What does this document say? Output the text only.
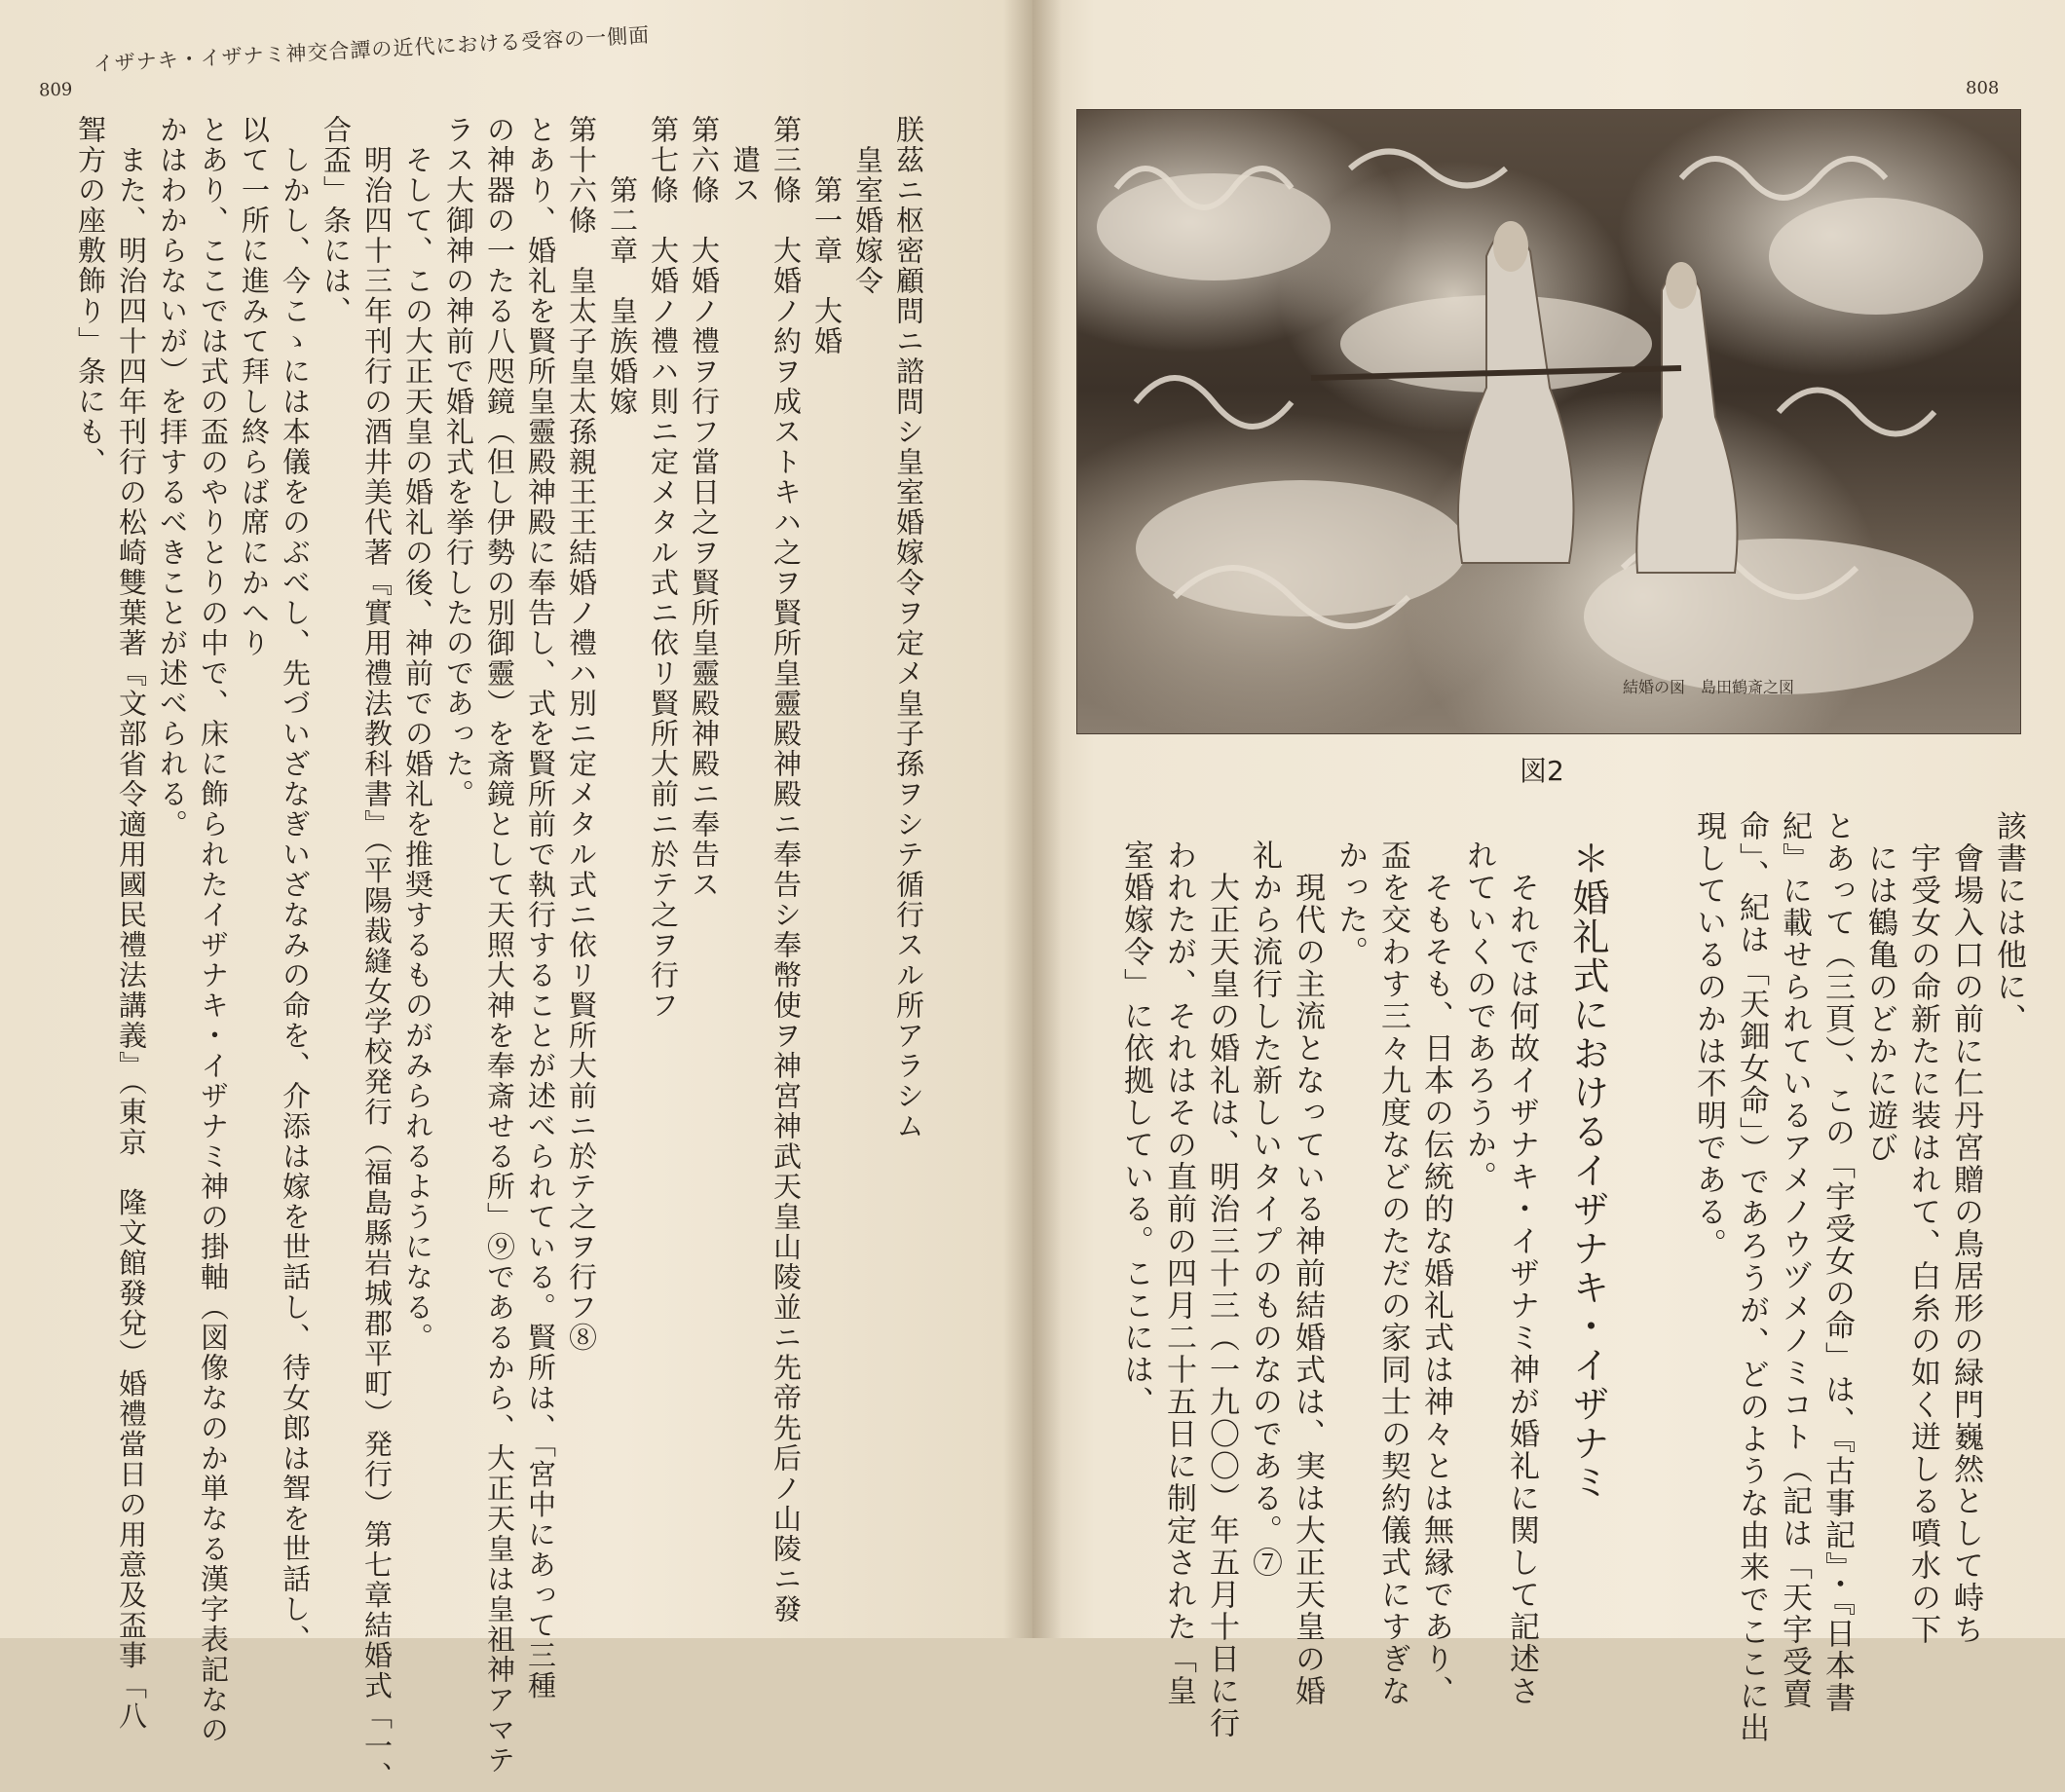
809
イザナキ・イザナミ神交合譚の近代における受容の一側面
朕茲ニ枢密顧問ニ諮問シ皇室婚嫁令ヲ定メ皇子孫ヲシテ循行スル所アラシム
　皇室婚嫁令
　　第一章　大婚
第三條　大婚ノ約ヲ成ストキハ之ヲ賢所皇靈殿神殿ニ奉告シ奉幣使ヲ神宮神武天皇山陵並ニ先帝先后ノ山陵ニ發
　遣ス
第六條　大婚ノ禮ヲ行フ當日之ヲ賢所皇靈殿神殿ニ奉告ス
第七條　大婚ノ禮ハ則ニ定メタル式ニ依リ賢所大前ニ於テ之ヲ行フ
　　第二章　皇族婚嫁
第十六條　皇太子皇太孫親王王結婚ノ禮ハ別ニ定メタル式ニ依リ賢所大前ニ於テ之ヲ行フ⑧
とあり、婚礼を賢所皇靈殿神殿に奉告し、式を賢所前で執行することが述べられている。賢所は、「宮中にあって三種
の神器の一たる八咫鏡（但し伊勢の別御靈）を斎鏡として天照大神を奉斎せる所」⑨であるから、大正天皇は皇祖神アマテ
ラス大御神の神前で婚礼式を挙行したのであった。
　そして、この大正天皇の婚礼の後、神前での婚礼を推奨するものがみられるようになる。
　明治四十三年刊行の酒井美代著『實用禮法教科書』（平陽裁縫女学校発行（福島縣岩城郡平町）発行）第七章結婚式「一、
合盃」条には、
　しかし、今こゝには本儀をのぶべし、先づいざなぎいざなみの命を、介添は嫁を世話し、待女郎は聟を世話し、
以て一所に進みて拜し終らば席にかへり
とあり、ここでは式の盃のやりとりの中で、床に飾られたイザナキ・イザナミ神の掛軸（図像なのか単なる漢字表記なの
かはわからないが）を拝するべきことが述べられる。
　また、明治四十四年刊行の松崎雙葉著『文部省令適用國民禮法講義』（東京　隆文館發兌）婚禮當日の用意及盃事「八
聟方の座敷飾り」条にも、
808
結婚の図　島田鶴斎之図
図2
該書には他に、
　會場入口の前に仁丹宮贈の鳥居形の緑門巍然として峙ち
　宇受女の命新たに装はれて、白糸の如く迸しる噴水の下
　には鶴亀のどかに遊び
とあって（三頁）、この「宇受女の命」は、『古事記』・『日本書
紀』に載せられているアメノウヅメノミコト（記は「天宇受賣
命」、紀は「天鈿女命」）であろうが、どのような由来でここに出
現しているのかは不明である。
　それでは何故イザナキ・イザナミ神が婚礼に関して記述さ
れていくのであろうか。
　そもそも、日本の伝統的な婚礼式は神々とは無縁であり、
盃を交わす三々九度などのただの家同士の契約儀式にすぎな
かった。
　現代の主流となっている神前結婚式は、実は大正天皇の婚
礼から流行した新しいタイプのものなのである。⑦
　大正天皇の婚礼は、明治三十三（一九〇〇）年五月十日に行
われたが、それはその直前の四月二十五日に制定された「皇
室婚嫁令」に依拠している。ここには、	＊婚礼式におけるイザナキ・イザナミ
